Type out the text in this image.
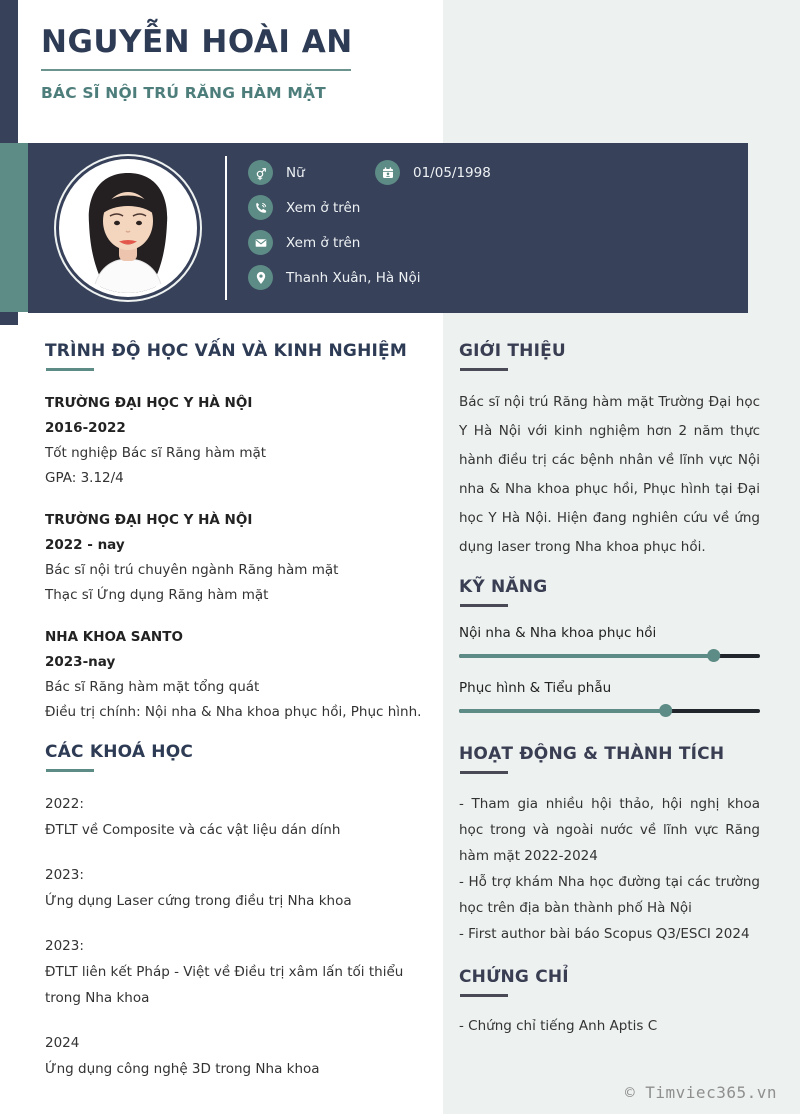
NGUYỄN HOÀI AN
BÁC SĨ NỘI TRÚ RĂNG HÀM MẶT
Nữ	01/05/1998
Xem ở trên
Xem ở trên
Thanh Xuân, Hà Nội
TRÌNH ĐỘ HỌC VẤN VÀ KINH NGHIỆM
TRƯỜNG ĐẠI HỌC Y HÀ NỘI
2016-2022
Tốt nghiệp Bác sĩ Răng hàm mặt
GPA: 3.12/4
TRƯỜNG ĐẠI HỌC Y HÀ NỘI
2022 - nay
Bác sĩ nội trú chuyên ngành Răng hàm mặt
Thạc sĩ Ứng dụng Răng hàm mặt
NHA KHOA SANTO
2023-nay
Bác sĩ Răng hàm mặt tổng quát
Điều trị chính: Nội nha & Nha khoa phục hồi, Phục hình.
CÁC KHOÁ HỌC
2022:
ĐTLT về Composite và các vật liệu dán dính
2023:
Ứng dụng Laser cứng trong điều trị Nha khoa
2023:
ĐTLT liên kết Pháp - Việt về Điều trị xâm lấn tối thiểu trong Nha khoa
2024
Ứng dụng công nghệ 3D trong Nha khoa
GIỚI THIỆU

Bác sĩ nội trú Răng hàm mặt Trường Đại học Y Hà Nội với kinh nghiệm hơn 2 năm thực hành điều trị các bệnh nhân về lĩnh vực Nội nha & Nha khoa phục hồi, Phục hình tại Đại học Y Hà Nội. Hiện đang nghiên cứu về ứng dụng laser trong Nha khoa phục hồi.

KỸ NĂNG
Nội nha & Nha khoa phục hồi
Phục hình & Tiểu phẫu
HOẠT ĐỘNG & THÀNH TÍCH
- Tham gia nhiều hội thảo, hội nghị khoa học trong và ngoài nước về lĩnh vực Răng hàm mặt 2022-2024
- Hỗ trợ khám Nha học đường tại các trường học trên địa bàn thành phố Hà Nội
- First author bài báo Scopus Q3/ESCI 2024
CHỨNG CHỈ
- Chứng chỉ tiếng Anh Aptis C
© Timviec365.vn
